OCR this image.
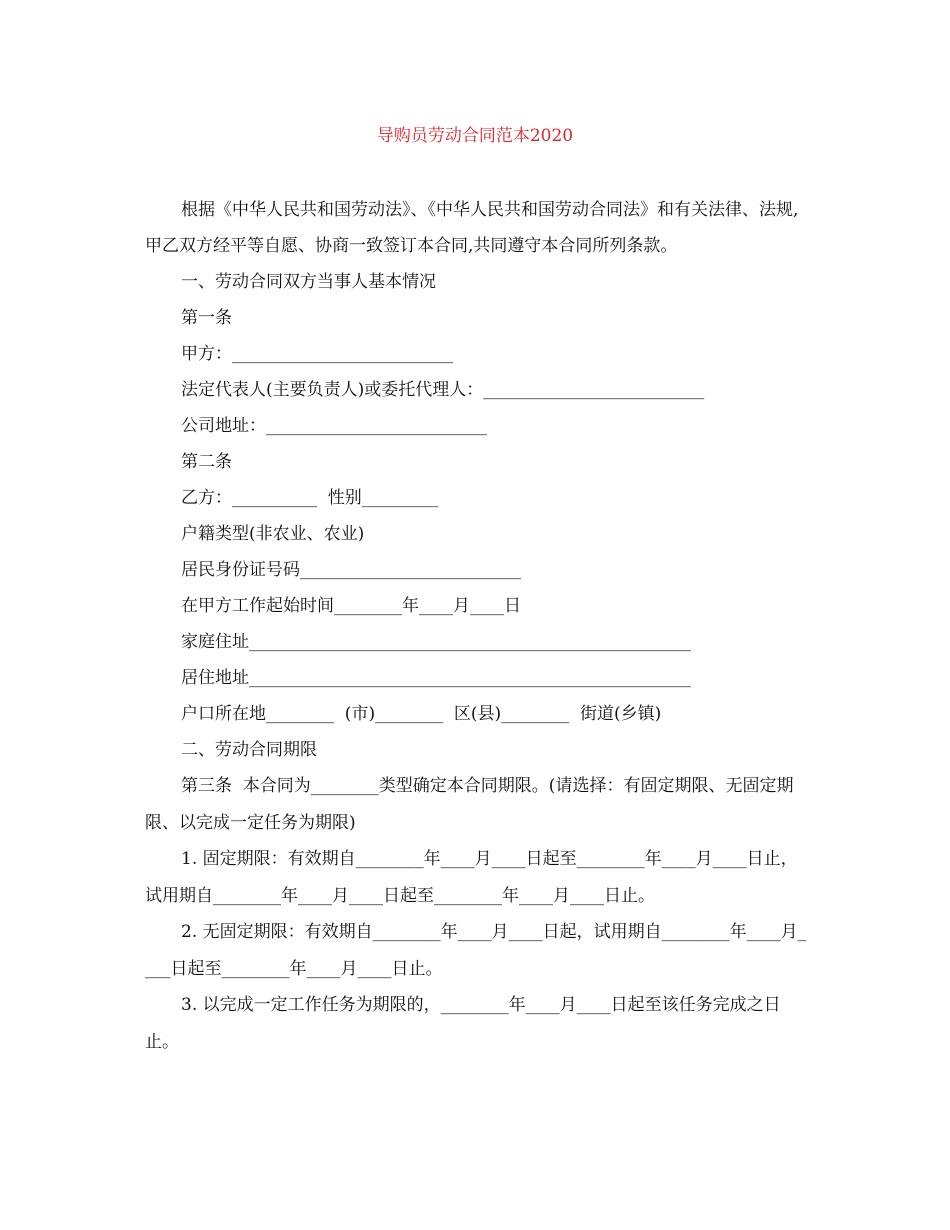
导购员劳动合同范本2020

根据《中华人民共和国劳动法》、《中华人民共和国劳动合同法》和有关法律、法规,甲乙双方经平等自愿、协商一致签订本合同,共同遵守本合同所列条款。

一、劳动合同双方当事人基本情况

第一条

甲方：__________________________

法定代表人(主要负责人)或委托代理人：__________________________

公司地址：__________________________

第二条

乙方：__________  性别_________

户籍类型(非农业、农业)

居民身份证号码__________________________

在甲方工作起始时间________年____月____日

家庭住址____________________________________________________

居住地址____________________________________________________

户口所在地________  (市)________  区(县)________  街道(乡镇)

二、劳动合同期限

第三条  本合同为________类型确定本合同期限。(请选择：有固定期限、无固定期限、以完成一定任务为期限)

1. 固定期限：有效期自________年____月____日起至________年____月____日止，试用期自________年____月____日起至________年____月____日止。

2. 无固定期限：有效期自________年____月____日起，试用期自________年____月____日起至________年____月____日止。

3. 以完成一定工作任务为期限的，________年____月____日起至该任务完成之日止。
